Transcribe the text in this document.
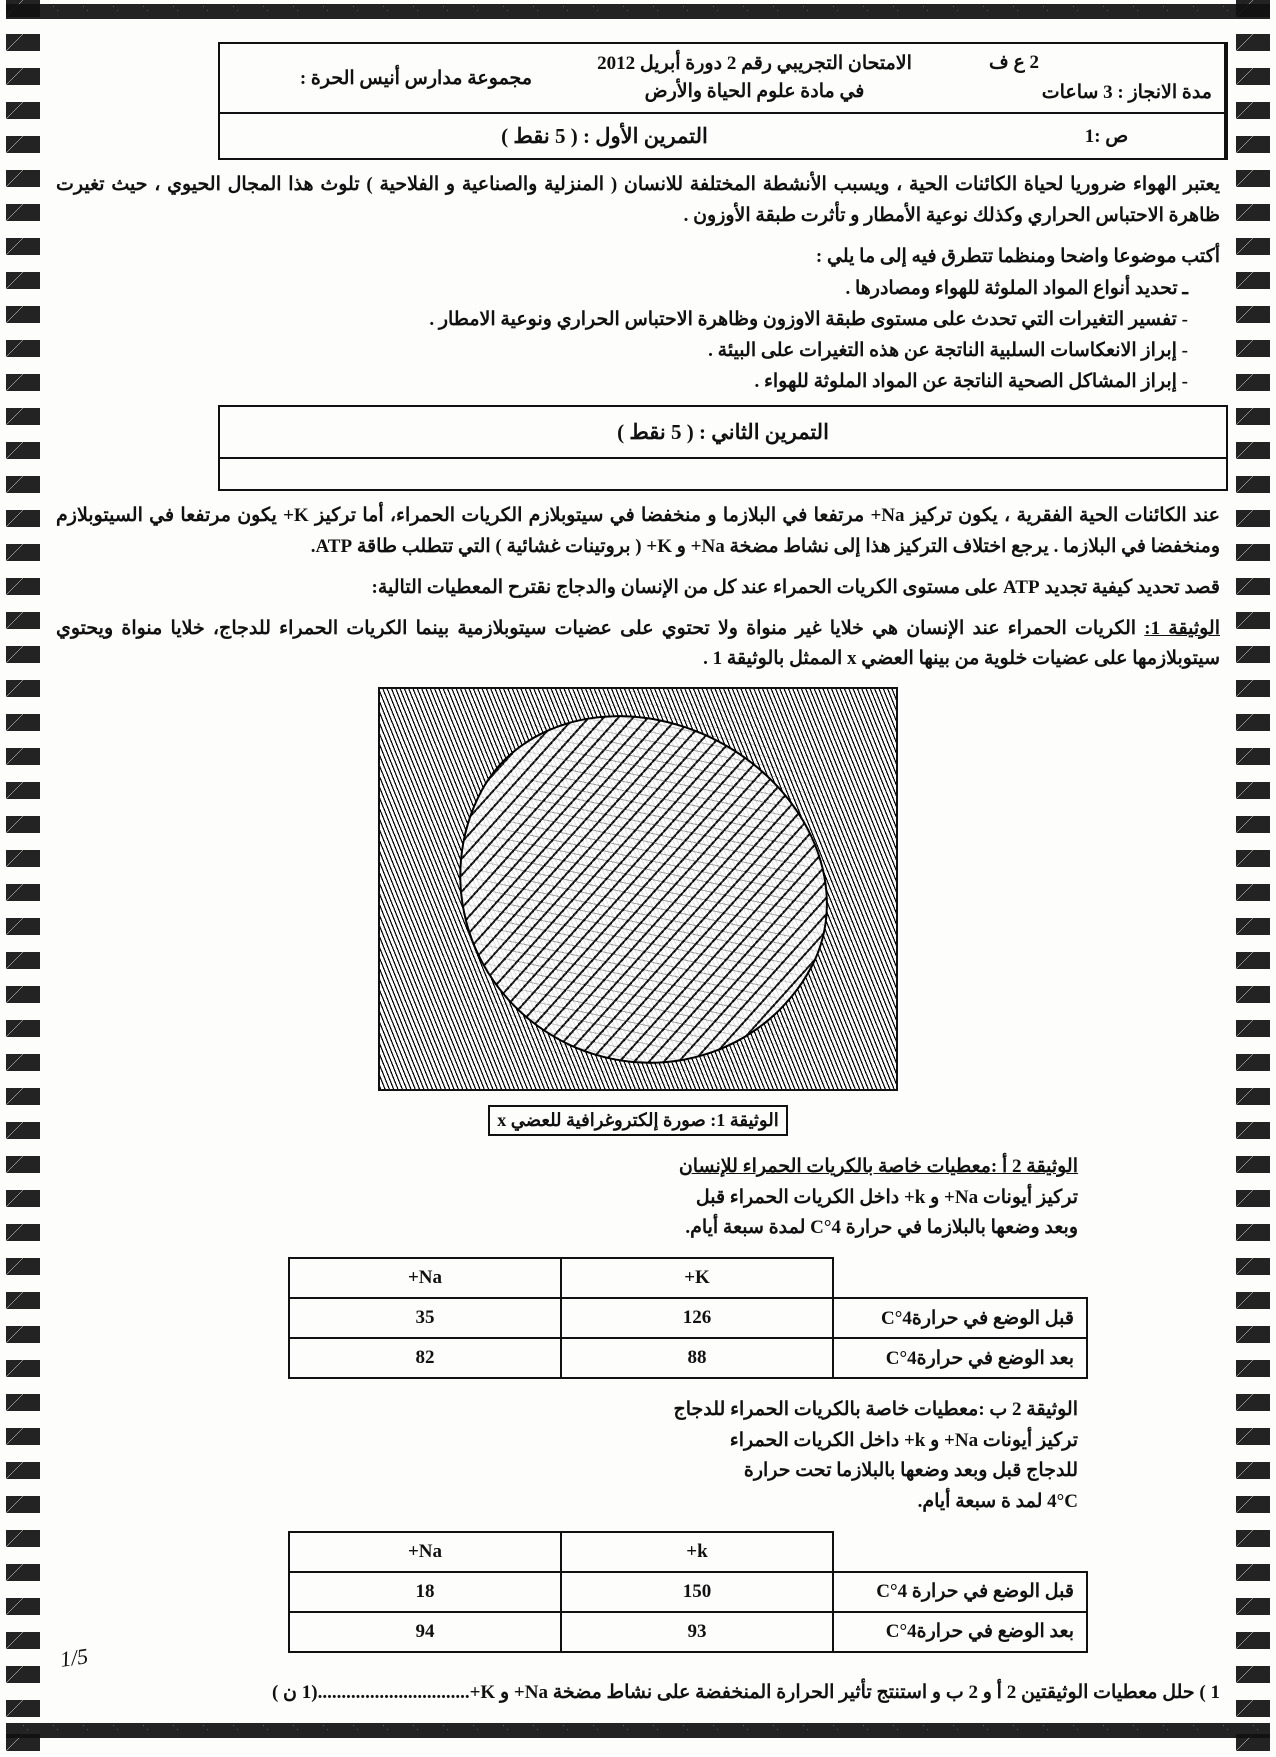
مجموعة مدارس أنيس الحرة :
الامتحان التجريبي رقم 2 دورة أبريل 2012
في مادة علوم الحياة والأرض
2 ع ف
مدة الانجاز : 3 ساعات
التمرين الأول : ( 5 نقط )	ص :1
يعتبر الهواء ضروريا لحياة الكائنات الحية ، ويسبب الأنشطة المختلفة للانسان ( المنزلية والصناعية و الفلاحية ) تلوث هذا المجال الحيوي ، حيث تغيرت ظاهرة الاحتباس الحراري وكذلك نوعية الأمطار و تأثرت طبقة الأوزون .
أكتب موضوعا واضحا ومنظما تتطرق فيه إلى ما يلي :
ـ تحديد أنواع المواد الملوثة للهواء ومصادرها .
- تفسير التغيرات التي تحدث على مستوى طبقة الاوزون وظاهرة الاحتباس الحراري ونوعية الامطار .
- إبراز الانعكاسات السلبية الناتجة عن هذه التغيرات على البيئة .
- إبراز المشاكل الصحية الناتجة عن المواد الملوثة للهواء .
التمرين الثاني : ( 5 نقط )
عند الكائنات الحية الفقرية ، يكون تركيز Na+ مرتفعا في البلازما و منخفضا في سيتوبلازم الكريات الحمراء، أما تركيز K+ يكون مرتفعا في السيتوبلازم ومنخفضا في البلازما . يرجع اختلاف التركيز هذا إلى نشاط مضخة Na+ و K+ ( بروتينات غشائية ) التي تتطلب طاقة ATP.
قصد تحديد كيفية تجديد ATP على مستوى الكريات الحمراء عند كل من الإنسان والدجاج نقترح المعطيات التالية:
الوثيقة 1: الكريات الحمراء عند الإنسان هي خلايا غير منواة ولا تحتوي على عضيات سيتوبلازمية بينما الكريات الحمراء للدجاج، خلايا منواة ويحتوي سيتوبلازمها على عضيات خلوية من بينها العضي x الممثل بالوثيقة 1 .
الوثيقة 1: صورة إلكتروغرافية للعضي x
الوثيقة 2 أ :معطيات خاصة بالكريات الحمراء للإنسان
تركيز أيونات Na+ و k+ داخل الكريات الحمراء قبل
وبعد وضعها بالبلازما في حرارة 4°C لمدة سبعة أيام.
	K+	Na+
قبل الوضع في حرارة4°C	126	35
بعد الوضع في حرارة4°C	88	82
الوثيقة 2 ب :معطيات خاصة بالكريات الحمراء للدجاج
تركيز أيونات Na+ و k+ داخل الكريات الحمراء
للدجاج قبل وبعد وضعها بالبلازما تحت حرارة
4°C لمد ة سبعة أيام.
	k+	Na+
قبل الوضع في حرارة 4°C	150	18
بعد الوضع في حرارة4°C	93	94
1 ) حلل معطيات الوثيقتين 2 أ و 2 ب و استنتج تأثير الحرارة المنخفضة على نشاط مضخة Na+ و K+................................(1 ن )
1/5
